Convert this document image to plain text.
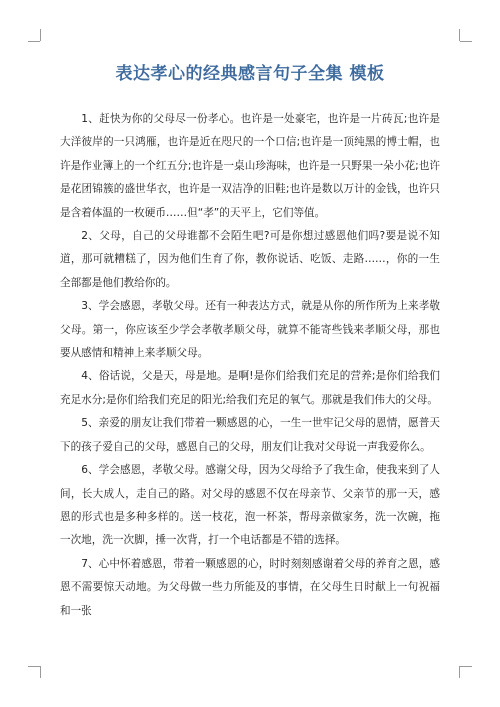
表达孝心的经典感言句子全集 模板

1、赶快为你的父母尽一份孝心。也许是一处豪宅，也许是一片砖瓦;也许是大洋彼岸的一只鸿雁，也许是近在咫尺的一个口信;也许是一顶纯黑的博士帽，也许是作业簿上的一个红五分;也许是一桌山珍海味，也许是一只野果一朵小花;也许是花团锦簇的盛世华衣，也许是一双洁净的旧鞋;也许是数以万计的金钱，也许只是含着体温的一枚硬币……但“孝”的天平上，它们等值。

2、父母，自己的父母谁都不会陌生吧?可是你想过感恩他们吗?要是说不知道，那可就糟糕了，因为他们生育了你，教你说话、吃饭、走路……，你的一生全部都是他们教给你的。

3、学会感恩，孝敬父母。还有一种表达方式，就是从你的所作所为上来孝敬父母。第一，你应该至少学会孝敬孝顺父母，就算不能寄些钱来孝顺父母，那也要从感情和精神上来孝顺父母。

4、俗话说，父是天，母是地。是啊!是你们给我们充足的营养;是你们给我们充足水分;是你们给我们充足的阳光;给我们充足的氧气。那就是我们伟大的父母。

5、亲爱的朋友让我们带着一颗感恩的心，一生一世牢记父母的恩情，愿普天下的孩子爱自己的父母，感恩自己的父母，朋友们让我对父母说一声我爱你么。

6、学会感恩，孝敬父母。感谢父母，因为父母给予了我生命，使我来到了人间，长大成人，走自己的路。对父母的感恩不仅在母亲节、父亲节的那一天，感恩的形式也是多种多样的。送一枝花，泡一杯茶，帮母亲做家务，洗一次碗，拖一次地，洗一次脚，捶一次背，打一个电话都是不错的选择。

7、心中怀着感恩，带着一颗感恩的心，时时刻刻感谢着父母的养育之恩，感恩不需要惊天动地。为父母做一些力所能及的事情，在父母生日时献上一句祝福和一张
